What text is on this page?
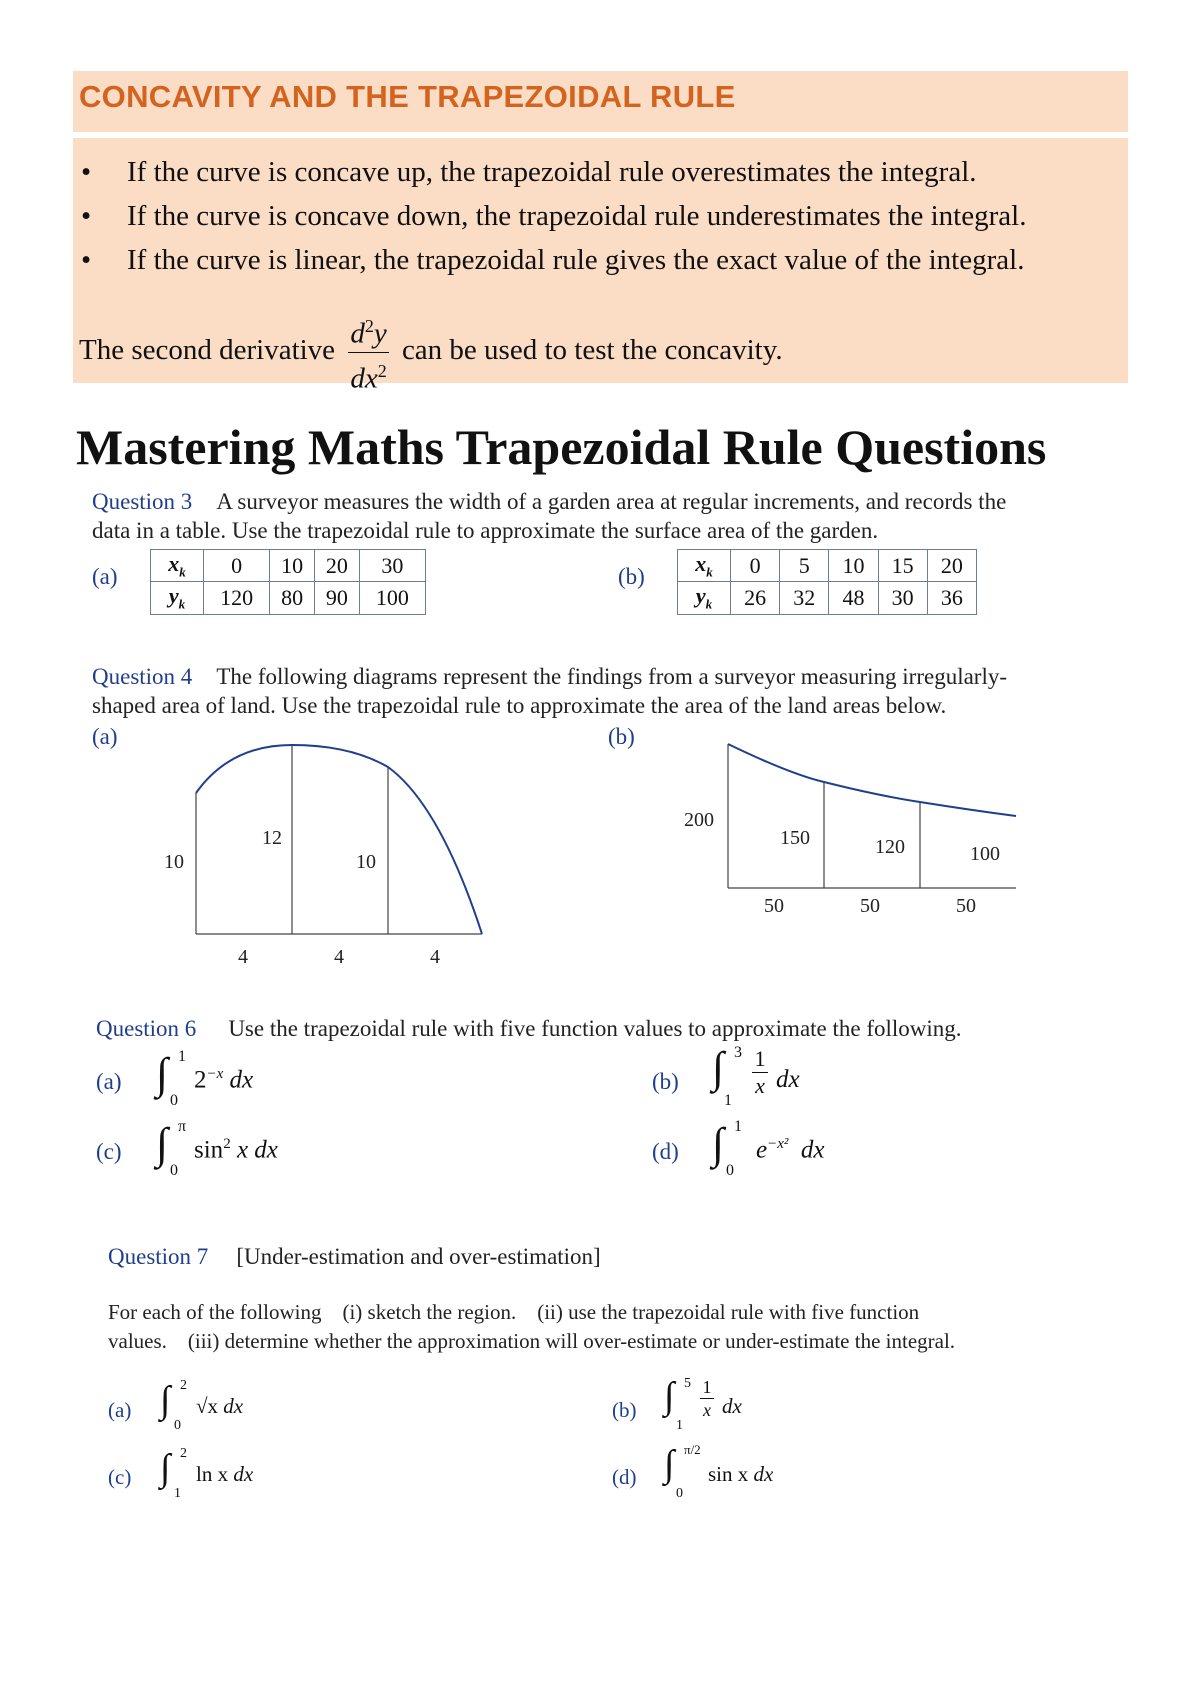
CONCAVITY AND THE TRAPEZOIDAL RULE
•	If the curve is concave up, the trapezoidal rule overestimates the integral.
•	If the curve is concave down, the trapezoidal rule underestimates the integral.
•	If the curve is linear, the trapezoidal rule gives the exact value of the integral.
The second derivative $\frac{d^2y}{dx^2}$ can be used to test the concavity.
Mastering Maths Trapezoidal Rule Questions
Question 3 A surveyor measures the width of a garden area at regular increments, and records the
data in a table. Use the trapezoidal rule to approximate the surface area of the garden.
(a)
$x_k$	0	10	20	30
$y_k$	120	80	90	100
(b)
$x_k$	0	5	10	15	20
$y_k$	26	32	48	30	36
Question 4 The following diagrams represent the findings from a surveyor measuring irregularly-
shaped area of land. Use the trapezoidal rule to approximate the area of the land areas below.
(a)	(b)
10
12
10
4	4	4
200
150	120	100
50	50	50
Question 6 Use the trapezoidal rule with five function values to approximate the following.
(a) ∫ 1
0
$2^{-x}$ dx	(b) ∫ 3
1
1
x dx
(c) ∫ π
0
$\sin^2 x$ dx	(d) ∫ 1
0
$e^{-x^2}$ dx
Question 7 [Under-estimation and over-estimation]
For each of the following    (i) sketch the region.    (ii) use the trapezoidal rule with five function
values.    (iii) determine whether the approximation will over-estimate or under-estimate the integral.
(a) ∫ 2
0
√x dx	(b) ∫ 5
1
1
x dx
(c) ∫ 2
1
ln x dx	(d) ∫ π/2
0
sin x dx
